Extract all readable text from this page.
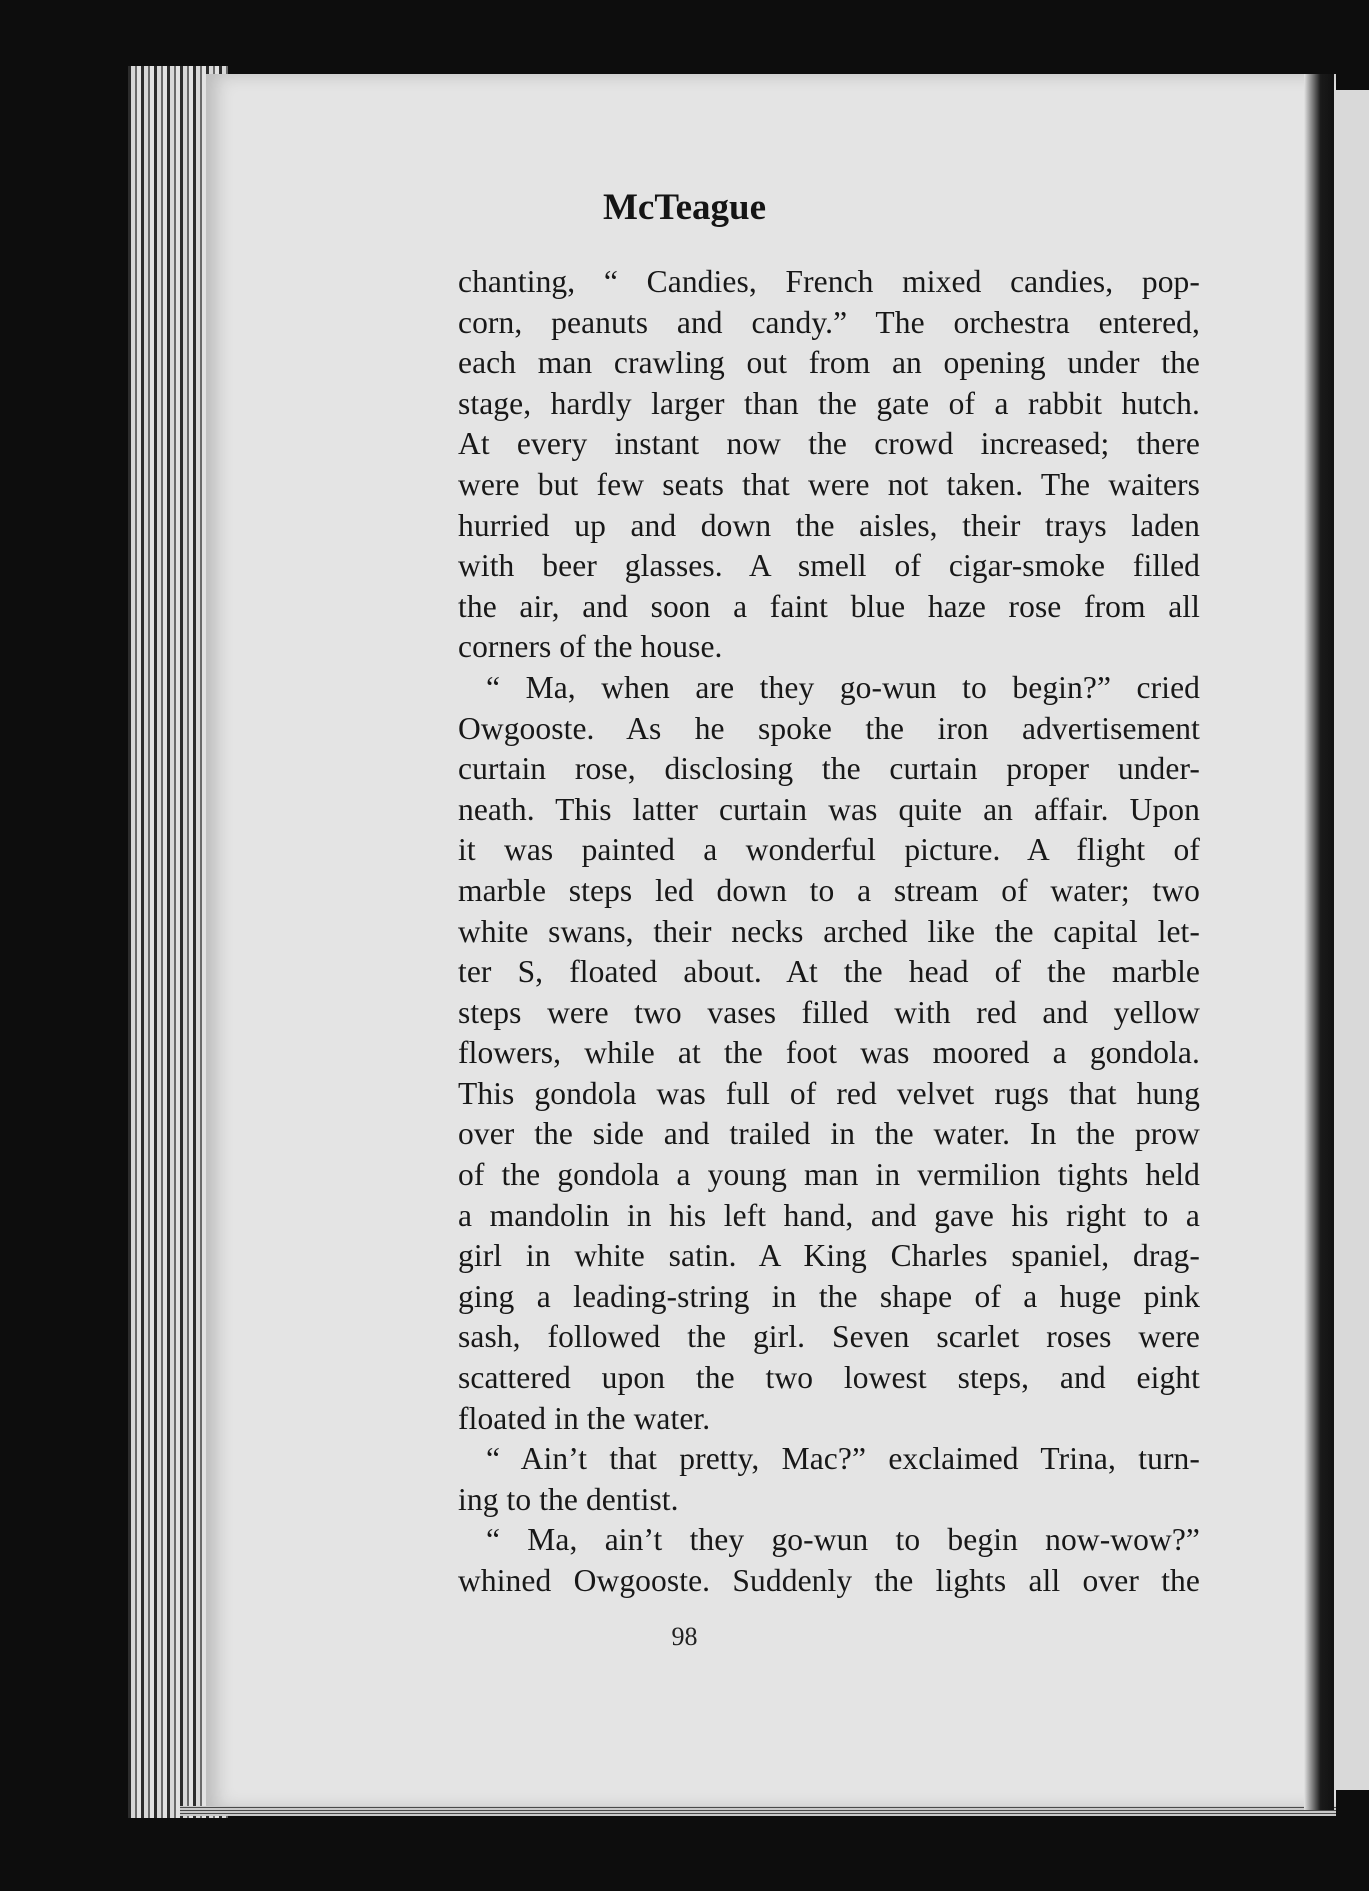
McTeague
chanting, “ Candies, French mixed candies, pop-
corn, peanuts and candy.” The orchestra entered,
each man crawling out from an opening under the
stage, hardly larger than the gate of a rabbit hutch.
At every instant now the crowd increased; there
were but few seats that were not taken. The waiters
hurried up and down the aisles, their trays laden
with beer glasses. A smell of cigar-smoke filled
the air, and soon a faint blue haze rose from all
corners of the house.
“ Ma, when are they go-wun to begin?” cried
Owgooste. As he spoke the iron advertisement
curtain rose, disclosing the curtain proper under-
neath. This latter curtain was quite an affair. Upon
it was painted a wonderful picture. A flight of
marble steps led down to a stream of water; two
white swans, their necks arched like the capital let-
ter S, floated about. At the head of the marble
steps were two vases filled with red and yellow
flowers, while at the foot was moored a gondola.
This gondola was full of red velvet rugs that hung
over the side and trailed in the water. In the prow
of the gondola a young man in vermilion tights held
a mandolin in his left hand, and gave his right to a
girl in white satin. A King Charles spaniel, drag-
ging a leading-string in the shape of a huge pink
sash, followed the girl. Seven scarlet roses were
scattered upon the two lowest steps, and eight
floated in the water.
“ Ain’t that pretty, Mac?” exclaimed Trina, turn-
ing to the dentist.
“ Ma, ain’t they go-wun to begin now-wow?”
whined Owgooste. Suddenly the lights all over the

98
